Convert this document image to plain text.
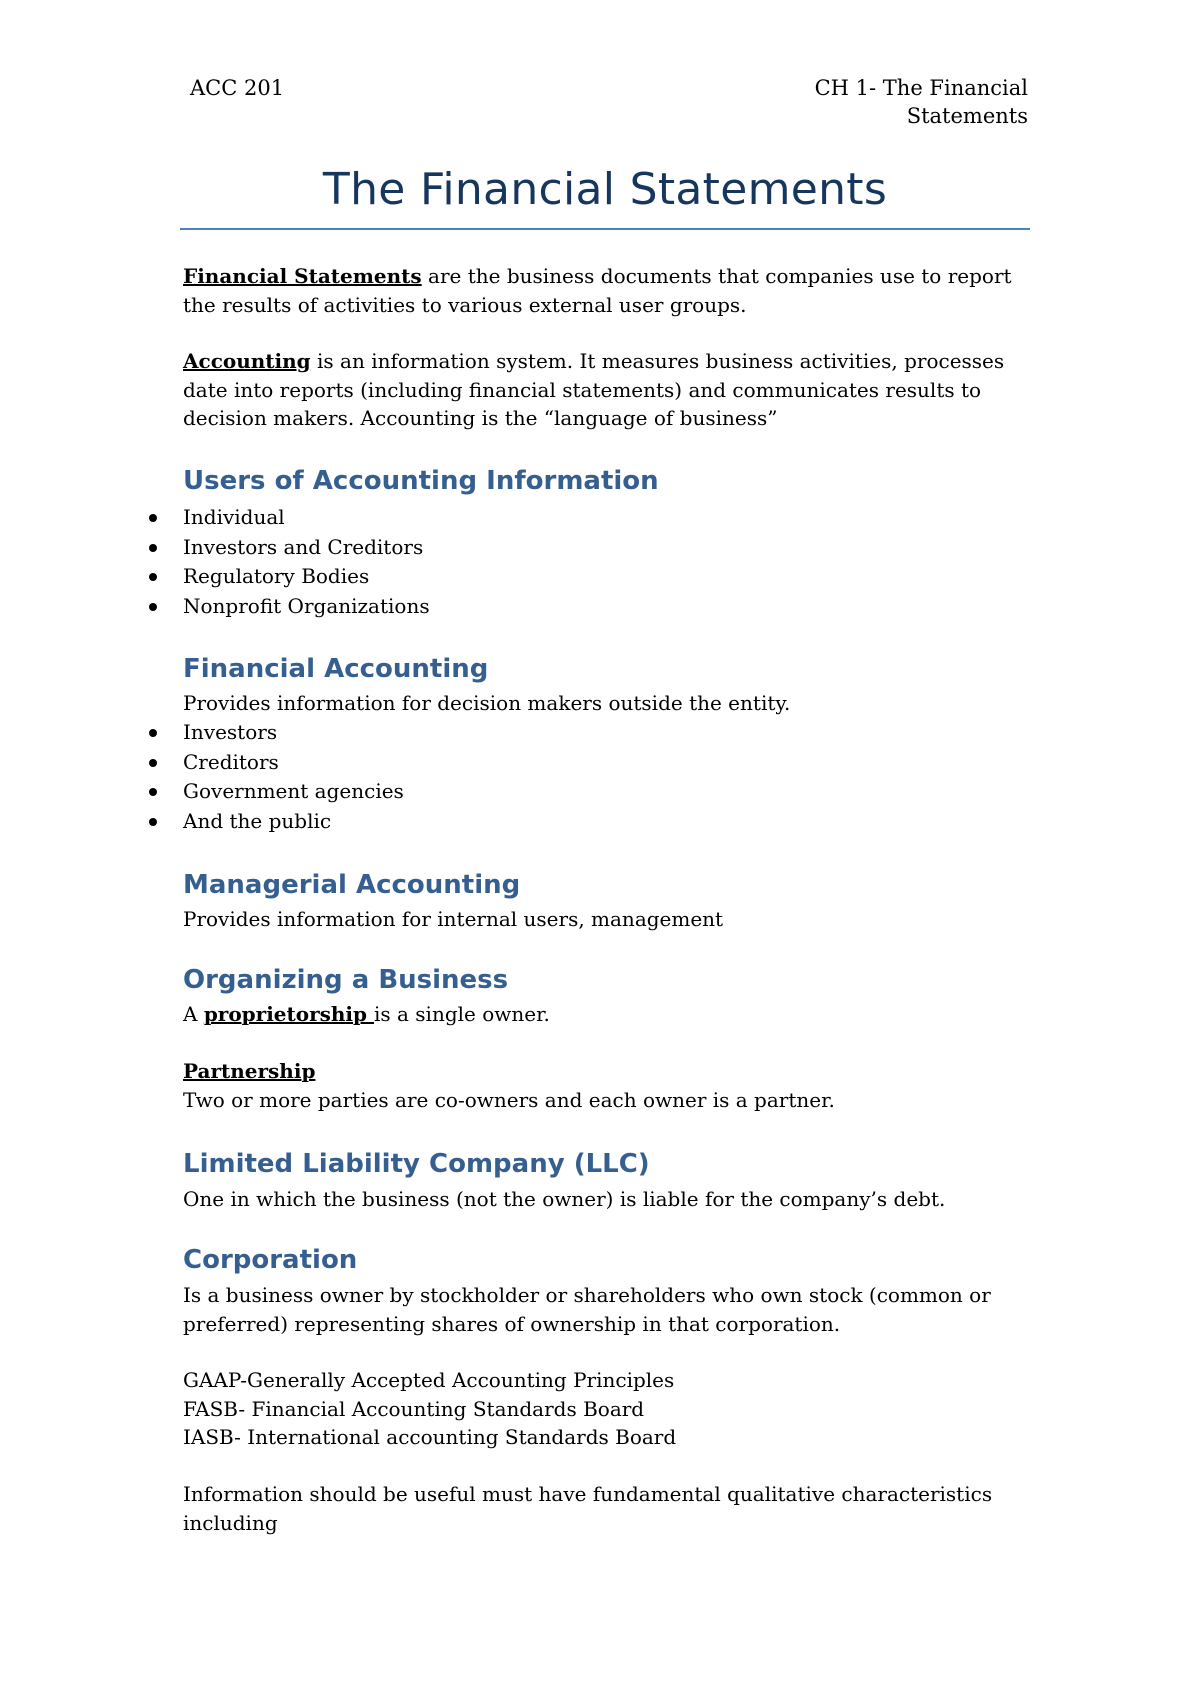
ACC 201	CH 1- The Financial
Statements
The Financial Statements

Financial Statements are the business documents that companies use to report the results of activities to various external user groups.

Accounting is an information system. It measures business activities, processes date into reports (including financial statements) and communicates results to decision makers. Accounting is the “language of business”

Users of Accounting Information
Individual
Investors and Creditors
Regulatory Bodies
Nonprofit Organizations
Financial Accounting
Provides information for decision makers outside the entity.
Investors
Creditors
Government agencies
And the public
Managerial Accounting
Provides information for internal users, management
Organizing a Business

A proprietorship is a single owner.

Partnership

Two or more parties are co-owners and each owner is a partner.
Limited Liability Company (LLC)
One in which the business (not the owner) is liable for the company’s debt.
Corporation
Is a business owner by stockholder or shareholders who own stock (common or preferred) representing shares of ownership in that corporation.

GAAP-Generally Accepted Accounting Principles

FASB- Financial Accounting Standards Board

IASB- International accounting Standards Board

Information should be useful must have fundamental qualitative characteristics including
